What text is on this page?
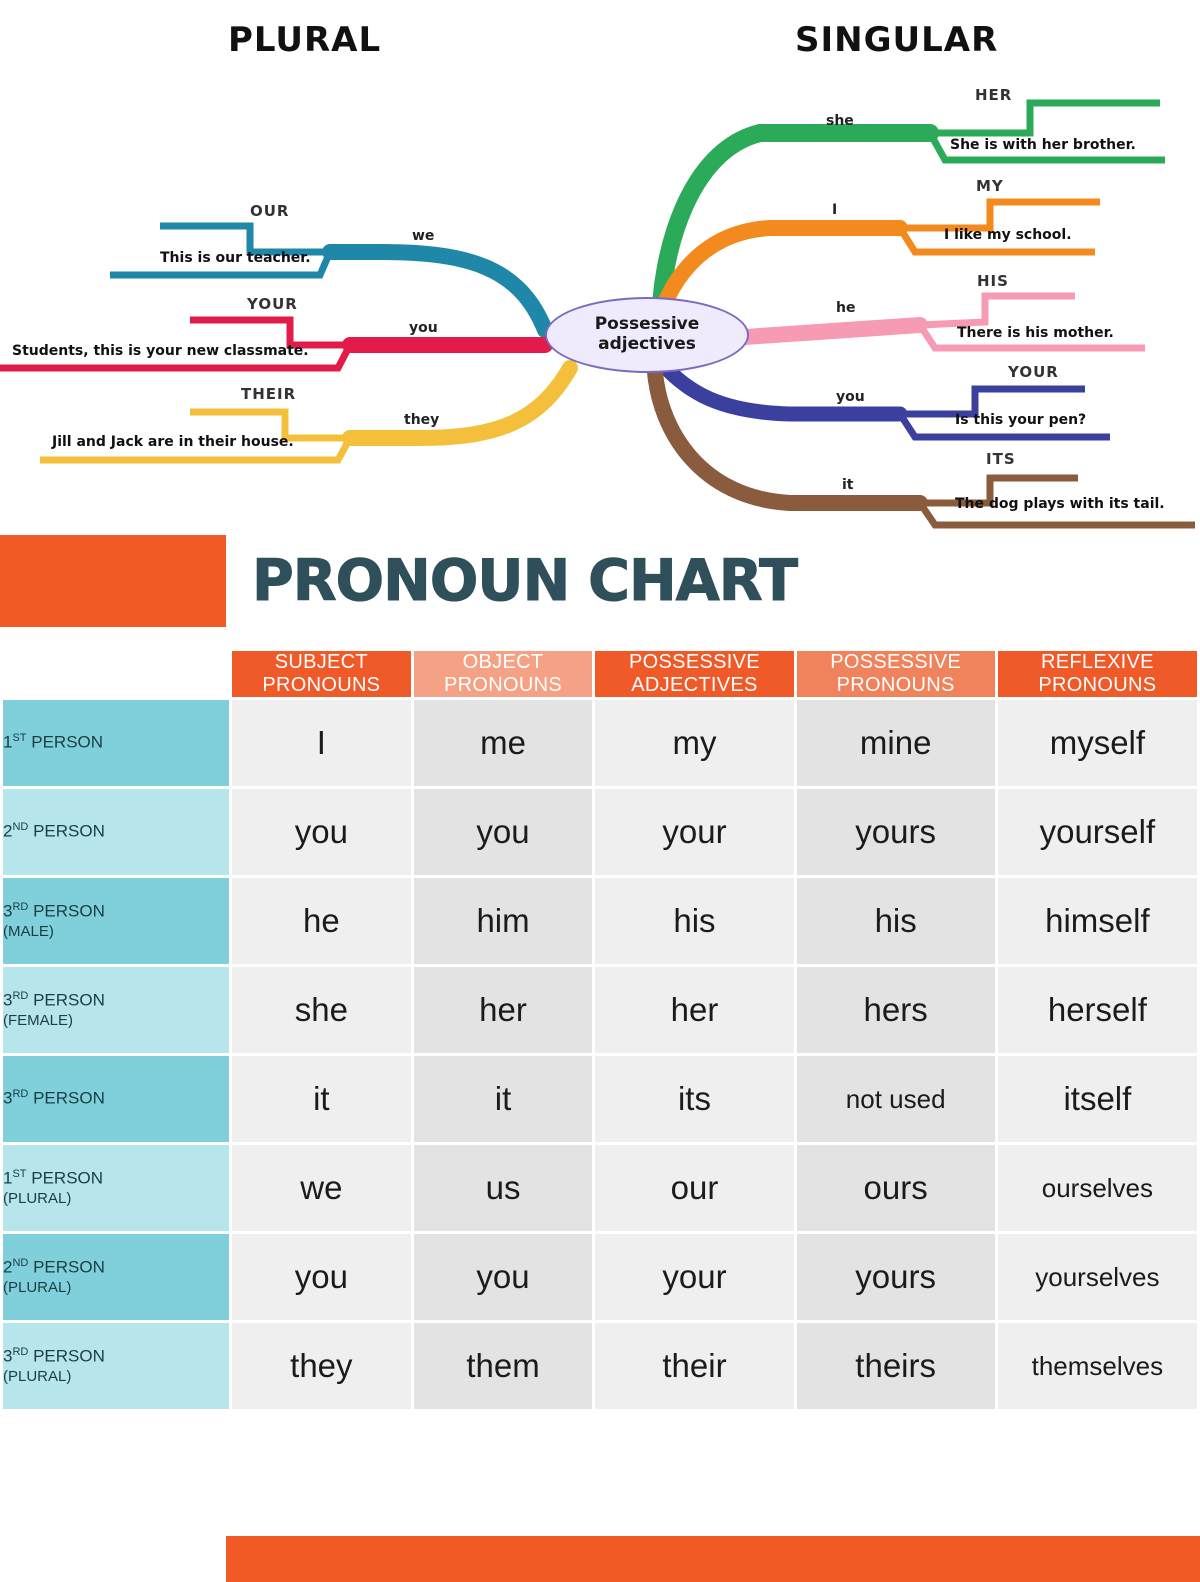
PLURAL	SINGULAR
Possessive
adjectives
she
HER
She is with her brother.
I
MY
I like my school.
he
HIS
There is his mother.
you
YOUR
Is this your pen?
it
ITS
The dog plays with its tail.
we
OUR
This is our teacher.
you
YOUR
Students, this is your new classmate.
they
THEIR
Jill and Jack are in their house.
PRONOUN CHART

SUBJECT
PRONOUNS

OBJECT
PRONOUNS

POSSESSIVE
ADJECTIVES

POSSESSIVE
PRONOUNS

REFLEXIVE
PRONOUNS

1ST PERSON	I	me	my	mine	myself
2ND PERSON	you	you	your	yours	yourself
3RD PERSON
(MALE)	he	him	his	his	himself
3RD PERSON
(FEMALE)	she	her	her	hers	herself
3RD PERSON	it	it	its	not used	itself
1ST PERSON
(PLURAL)	we	us	our	ours	ourselves
2ND PERSON
(PLURAL)	you	you	your	yours	yourselves
3RD PERSON
(PLURAL)	they	them	their	theirs	themselves
